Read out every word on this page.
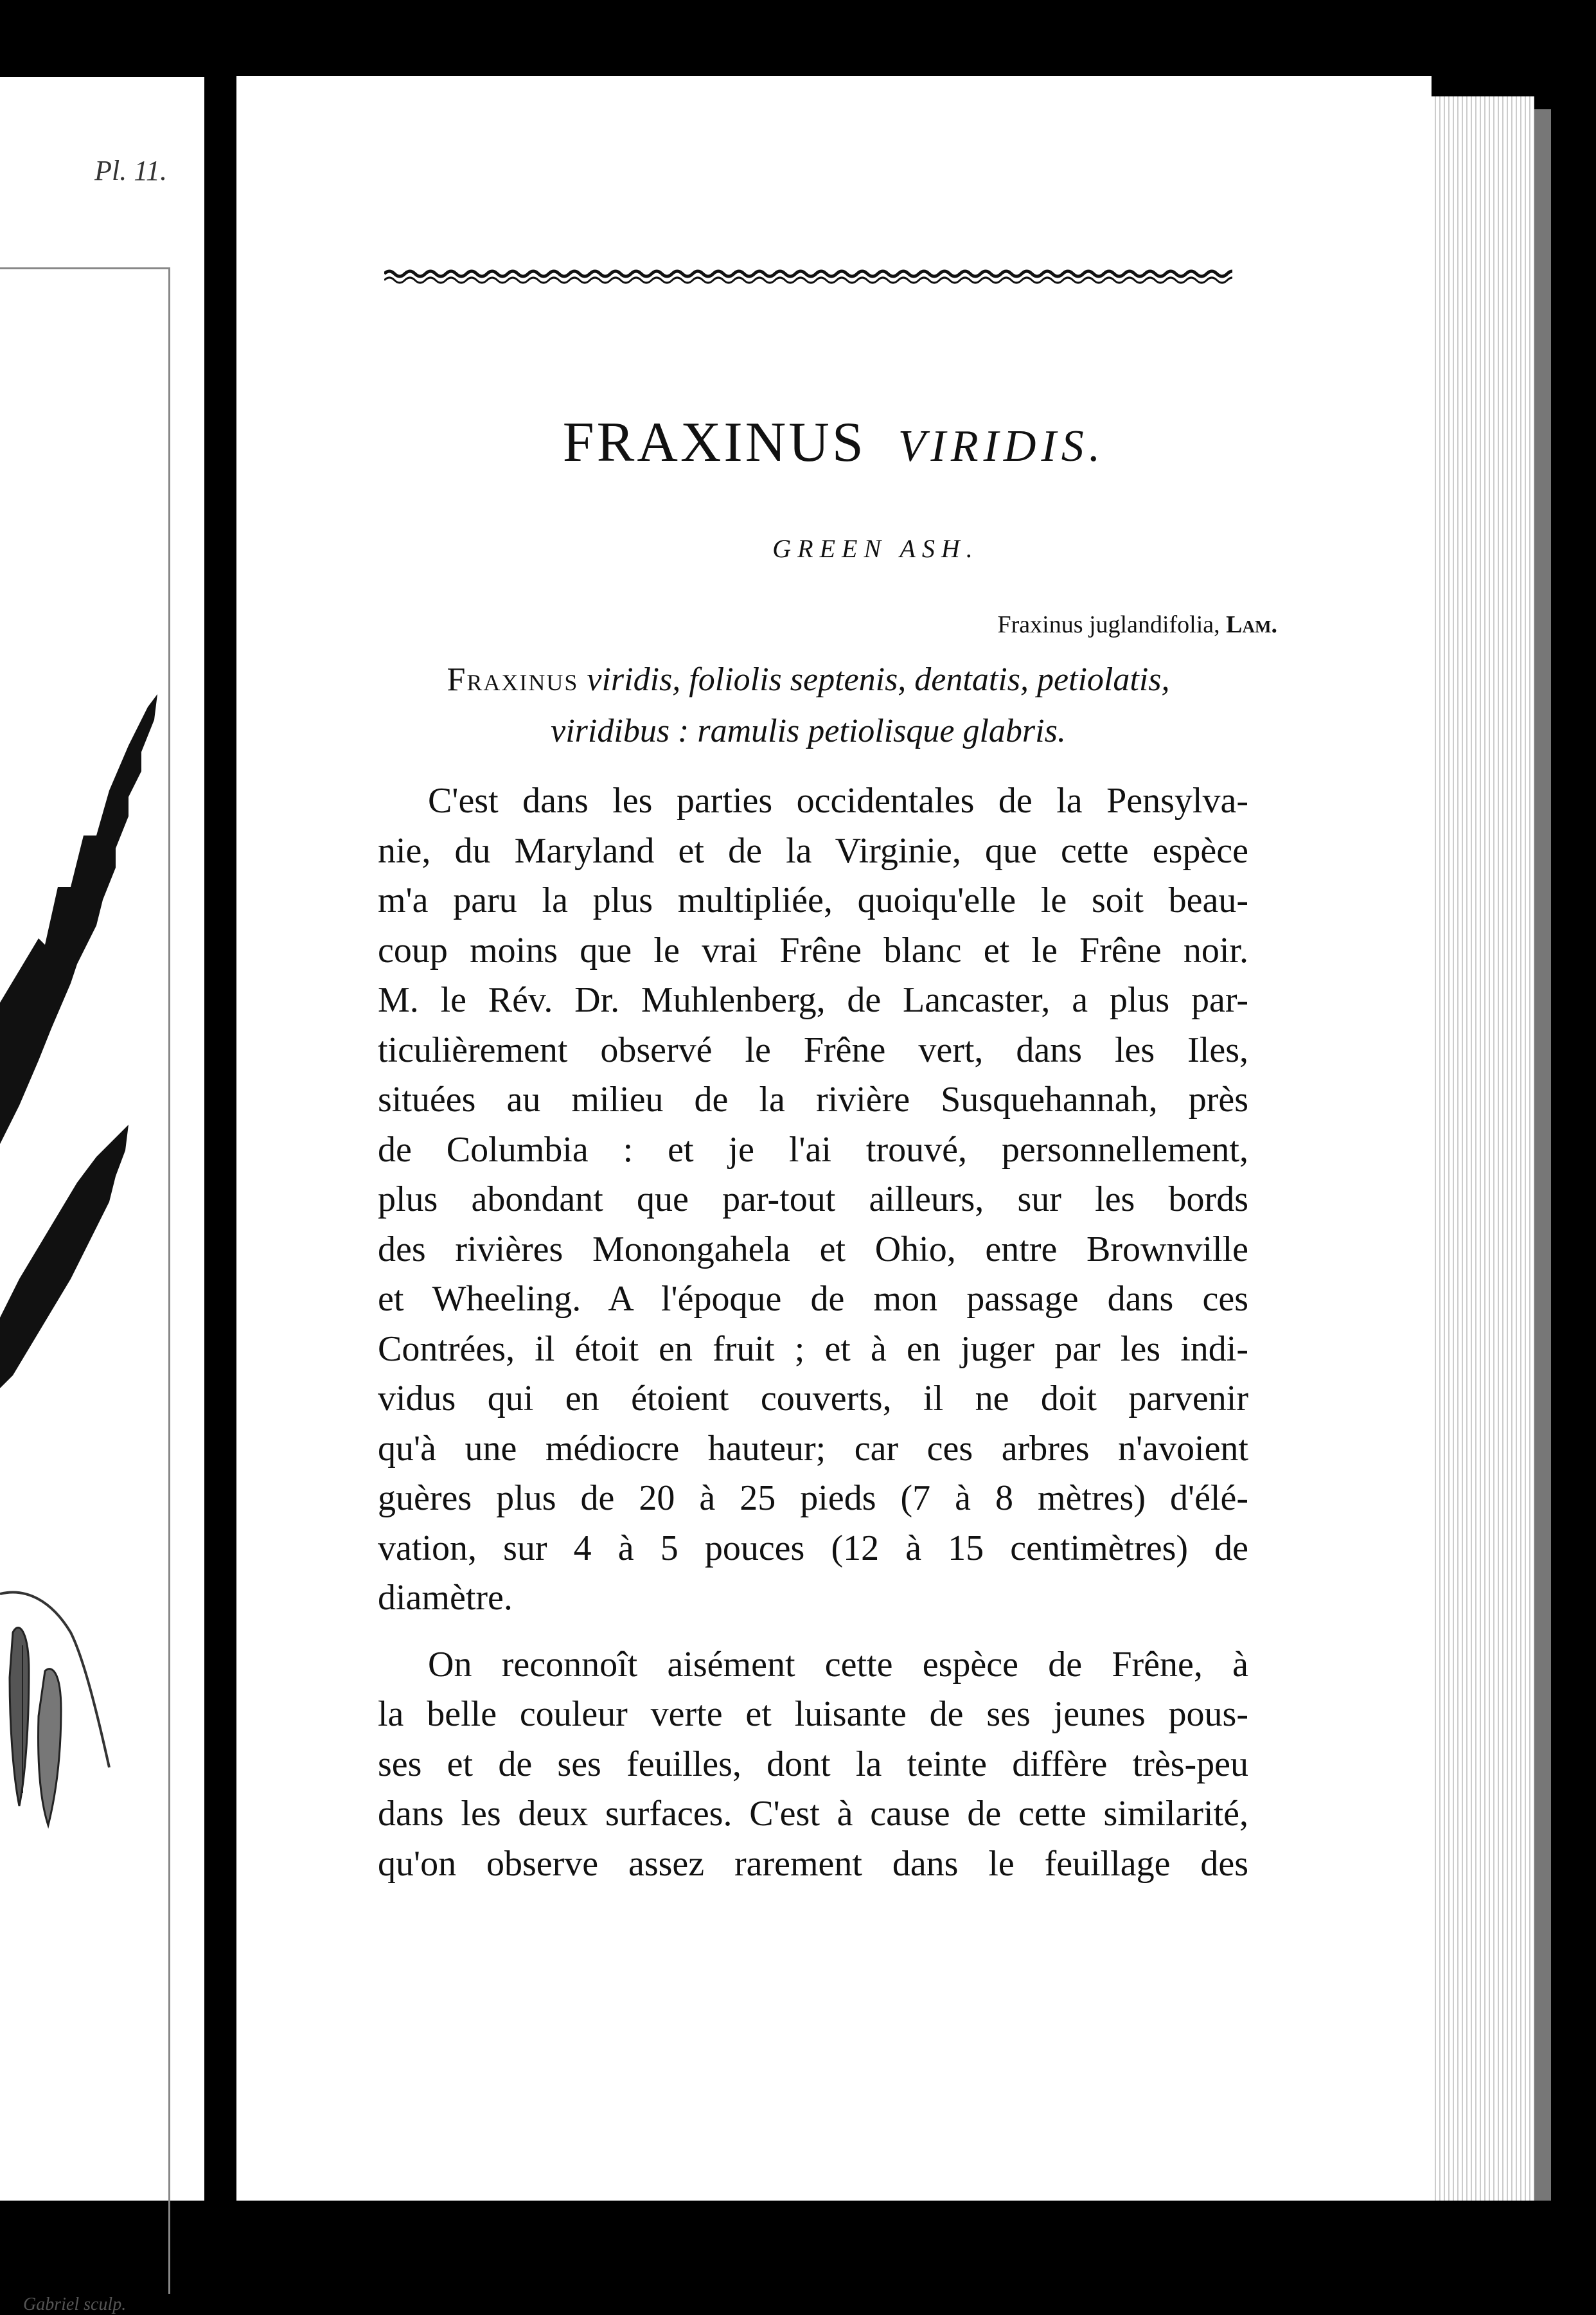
Pl. 11.
Gabriel sculp.
FRAXINUS VIRIDIS.
GREEN ASH.
Fraxinus juglandifolia, Lam.
Fraxinus viridis, foliolis septenis, dentatis, petiolatis,
viridibus : ramulis petiolisque glabris.
C'est dans les parties occidentales de la Pensylva-
nie, du Maryland et de la Virginie, que cette espèce
m'a paru la plus multipliée, quoiqu'elle le soit beau-
coup moins que le vrai Frêne blanc et le Frêne noir.
M. le Rév. Dr. Muhlenberg, de Lancaster, a plus par-
ticulièrement observé le Frêne vert, dans les Iles,
situées au milieu de la rivière Susquehannah, près
de Columbia : et je l'ai trouvé, personnellement,
plus abondant que par-tout ailleurs, sur les bords
des rivières Monongahela et Ohio, entre Brownville
et Wheeling. A l'époque de mon passage dans ces
Contrées, il étoit en fruit ; et à en juger par les indi-
vidus qui en étoient couverts, il ne doit parvenir
qu'à une médiocre hauteur; car ces arbres n'avoient
guères plus de 20 à 25 pieds (7 à 8 mètres) d'élé-
vation, sur 4 à 5 pouces (12 à 15 centimètres) de
diamètre.
On reconnoît aisément cette espèce de Frêne, à
la belle couleur verte et luisante de ses jeunes pous-
ses et de ses feuilles, dont la teinte diffère très-peu
dans les deux surfaces. C'est à cause de cette similarité,
qu'on observe assez rarement dans le feuillage des
